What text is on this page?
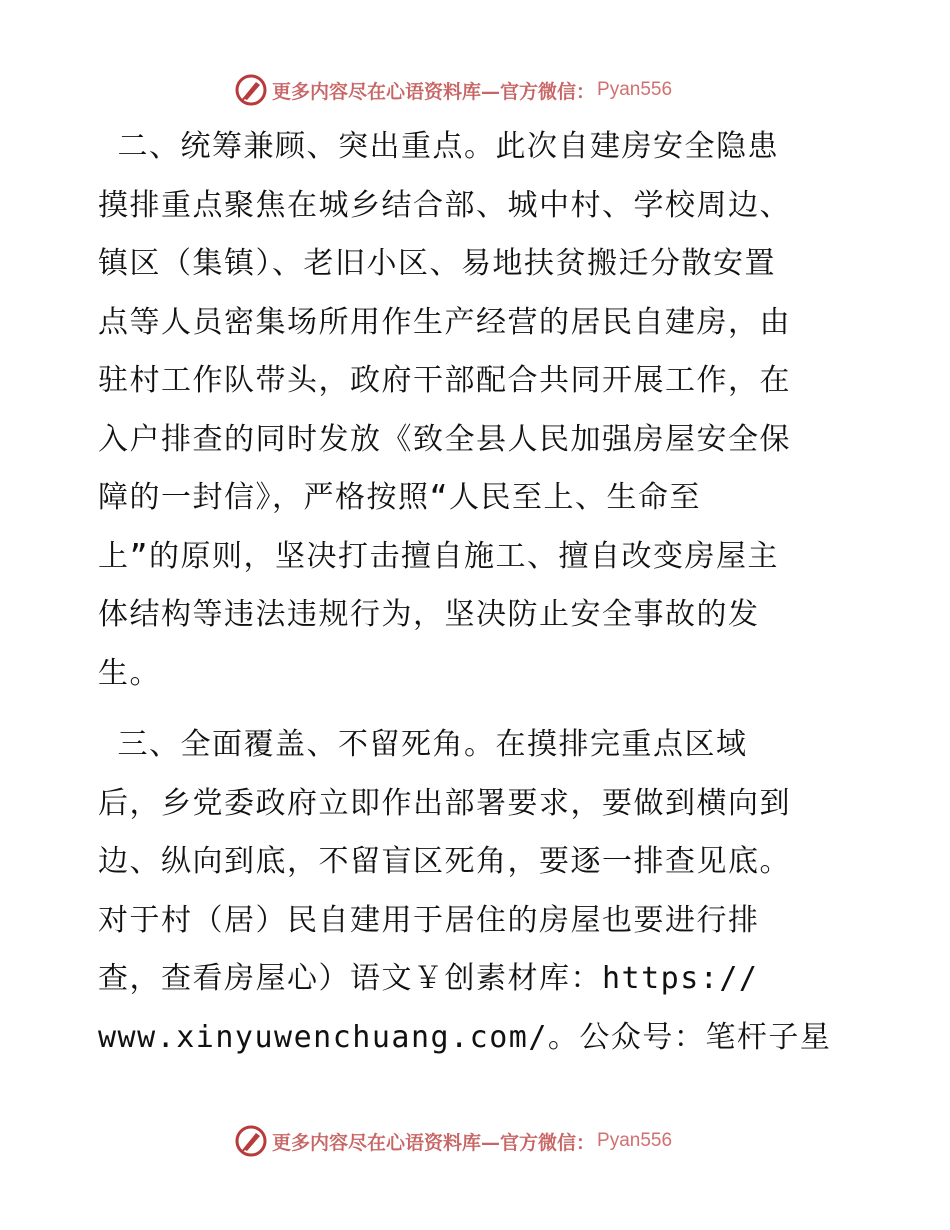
更多内容尽在心语资料库—官方微信： Pyan556
二、统筹兼顾、突出重点。此次自建房安全隐患
摸排重点聚焦在城乡结合部、城中村、学校周边、
镇区（集镇）、老旧小区、易地扶贫搬迁分散安置
点等人员密集场所用作生产经营的居民自建房，由
驻村工作队带头，政府干部配合共同开展工作，在
入户排查的同时发放《致全县人民加强房屋安全保
障的一封信》，严格按照“人民至上、生命至
上”的原则，坚决打击擅自施工、擅自改变房屋主
体结构等违法违规行为，坚决防止安全事故的发
生。
三、全面覆盖、不留死角。在摸排完重点区域
后，乡党委政府立即作出部署要求，要做到横向到
边、纵向到底，不留盲区死角，要逐一排查见底。
对于村（居）民自建用于居住的房屋也要进行排
查，查看房屋心）语文￥创素材库：https://
www.xinyuwenchuang.com/。公众号：笔杆子星
更多内容尽在心语资料库—官方微信： Pyan556
